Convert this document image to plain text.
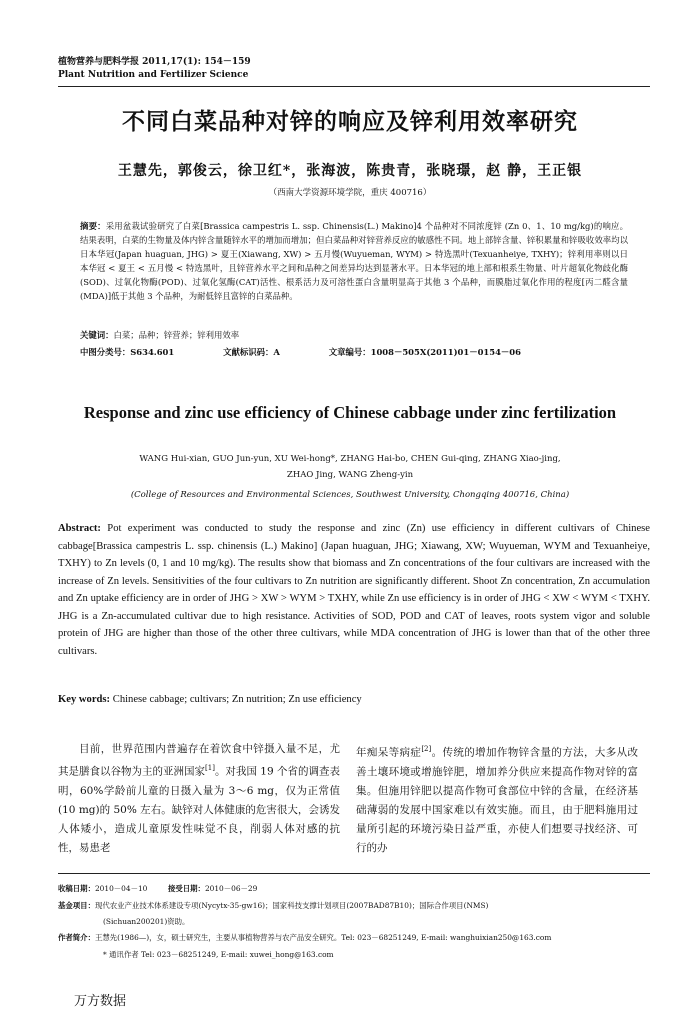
植物营养与肥料学报 2011,17(1): 154－159
Plant Nutrition and Fertilizer Science
不同白菜品种对锌的响应及锌利用效率研究
王慧先，郭俊云，徐卫红*，张海波，陈贵青，张晓璟，赵 静，王正银
（西南大学资源环境学院，重庆 400716）
摘要：采用盆栽试验研究了白菜[Brassica campestris L. ssp. Chinensis(L.) Makino]4 个品种对不同浓度锌 (Zn 0、1、10 mg/kg)的响应。结果表明，白菜的生物量及体内锌含量随锌水平的增加而增加；但白菜品种对锌营养反应的敏感性不同。地上部锌含量、锌积累量和锌吸收效率均以日本华冠(Japan huaguan, JHG) > 夏王(Xiawang, XW) > 五月慢(Wuyueman, WYM) > 特选黑叶(Texuanheiye, TXHY)；锌利用率则以日本华冠 < 夏王 < 五月慢 < 特选黑叶，且锌营养水平之间和品种之间差异均达到显著水平。日本华冠的地上部和根系生物量、叶片超氧化物歧化酶(SOD)、过氧化物酶(POD)、过氧化氢酶(CAT)活性、根系活力及可溶性蛋白含量明显高于其他 3 个品种，而膜脂过氧化作用的程度[丙二醛含量(MDA)]低于其他 3 个品种，为耐低锌且富锌的白菜品种。
关键词：白菜；品种；锌营养；锌利用效率
中图分类号：S634.601	文献标识码：A	文章编号：1008－505X(2011)01－0154－06
Response and zinc use efficiency of Chinese cabbage under zinc fertilization
WANG Hui-xian, GUO Jun-yun, XU Wei-hong*, ZHANG Hai-bo, CHEN Gui-qing, ZHANG Xiao-jing,
ZHAO Jing, WANG Zheng-yin
(College of Resources and Environmental Sciences, Southwest University, Chongqing 400716, China)
Abstract: Pot experiment was conducted to study the response and zinc (Zn) use efficiency in different cultivars of Chinese cabbage[Brassica campestris L. ssp. chinensis (L.) Makino] (Japan huaguan, JHG; Xiawang, XW; Wuyueman, WYM and Texuanheiye, TXHY) to Zn levels (0, 1 and 10 mg/kg). The results show that biomass and Zn concentrations of the four cultivars are increased with the increase of Zn levels. Sensitivities of the four cultivars to Zn nutrition are significantly different. Shoot Zn concentration, Zn accumulation and Zn uptake efficiency are in order of JHG > XW > WYM > TXHY, while Zn use efficiency is in order of JHG < XW < WYM < TXHY. JHG is a Zn-accumulated cultivar due to high resistance. Activities of SOD, POD and CAT of leaves, roots system vigor and soluble protein of JHG are higher than those of the other three cultivars, while MDA concentration of JHG is lower than that of the other three cultivars.
Key words: Chinese cabbage; cultivars; Zn nutrition; Zn use efficiency
目前，世界范围内普遍存在着饮食中锌摄入量不足，尤其是膳食以谷物为主的亚洲国家[1]。对我国 19 个省的调查表明，60%学龄前儿童的日摄入量为 3～6 mg，仅为正常值(10 mg)的 50% 左右。缺锌对人体健康的危害很大，会诱发人体矮小，造成儿童原发性味觉不良，削弱人体对感的抗性，易患老
年痴呆等病症[2]。传统的增加作物锌含量的方法，大多从改善土壤环境或增施锌肥，增加养分供应来提高作物对锌的富集。但施用锌肥以提高作物可食部位中锌的含量，在经济基础薄弱的发展中国家难以有效实施。而且，由于肥料施用过量所引起的环境污染日益严重，亦使人们想要寻找经济、可行的办
收稿日期：2010－04－10	接受日期：2010－06－29
基金项目：现代农业产业技术体系建设专项(Nycytx-35-gw16)；国家科技支撑计划项目(2007BAD87B10)；国际合作项目(NMS)
(Sichuan200201)资助。
作者简介：王慧先(1986—)，女，硕士研究生，主要从事植物营养与农产品安全研究。Tel: 023－68251249, E-mail: wanghuixian250@163.com
* 通讯作者 Tel: 023－68251249, E-mail: xuwei_hong@163.com
万方数据
